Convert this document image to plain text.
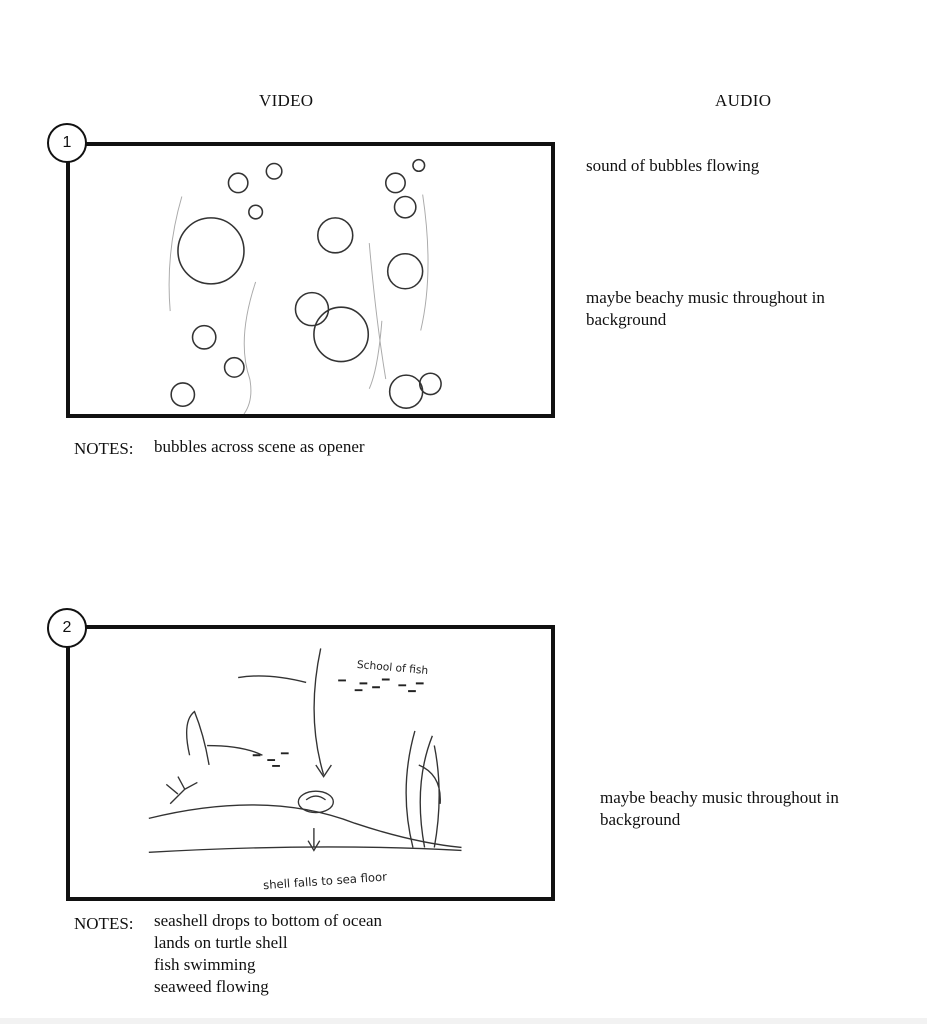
VIDEO	AUDIO
1
sound of bubbles flowing
maybe beachy music throughout in background
NOTES: bubbles across scene as opener
School of fish
shell falls to sea floor
2
maybe beachy music throughout in background
NOTES: seashell drops to bottom of ocean
lands on turtle shell
fish swimming
seaweed flowing
